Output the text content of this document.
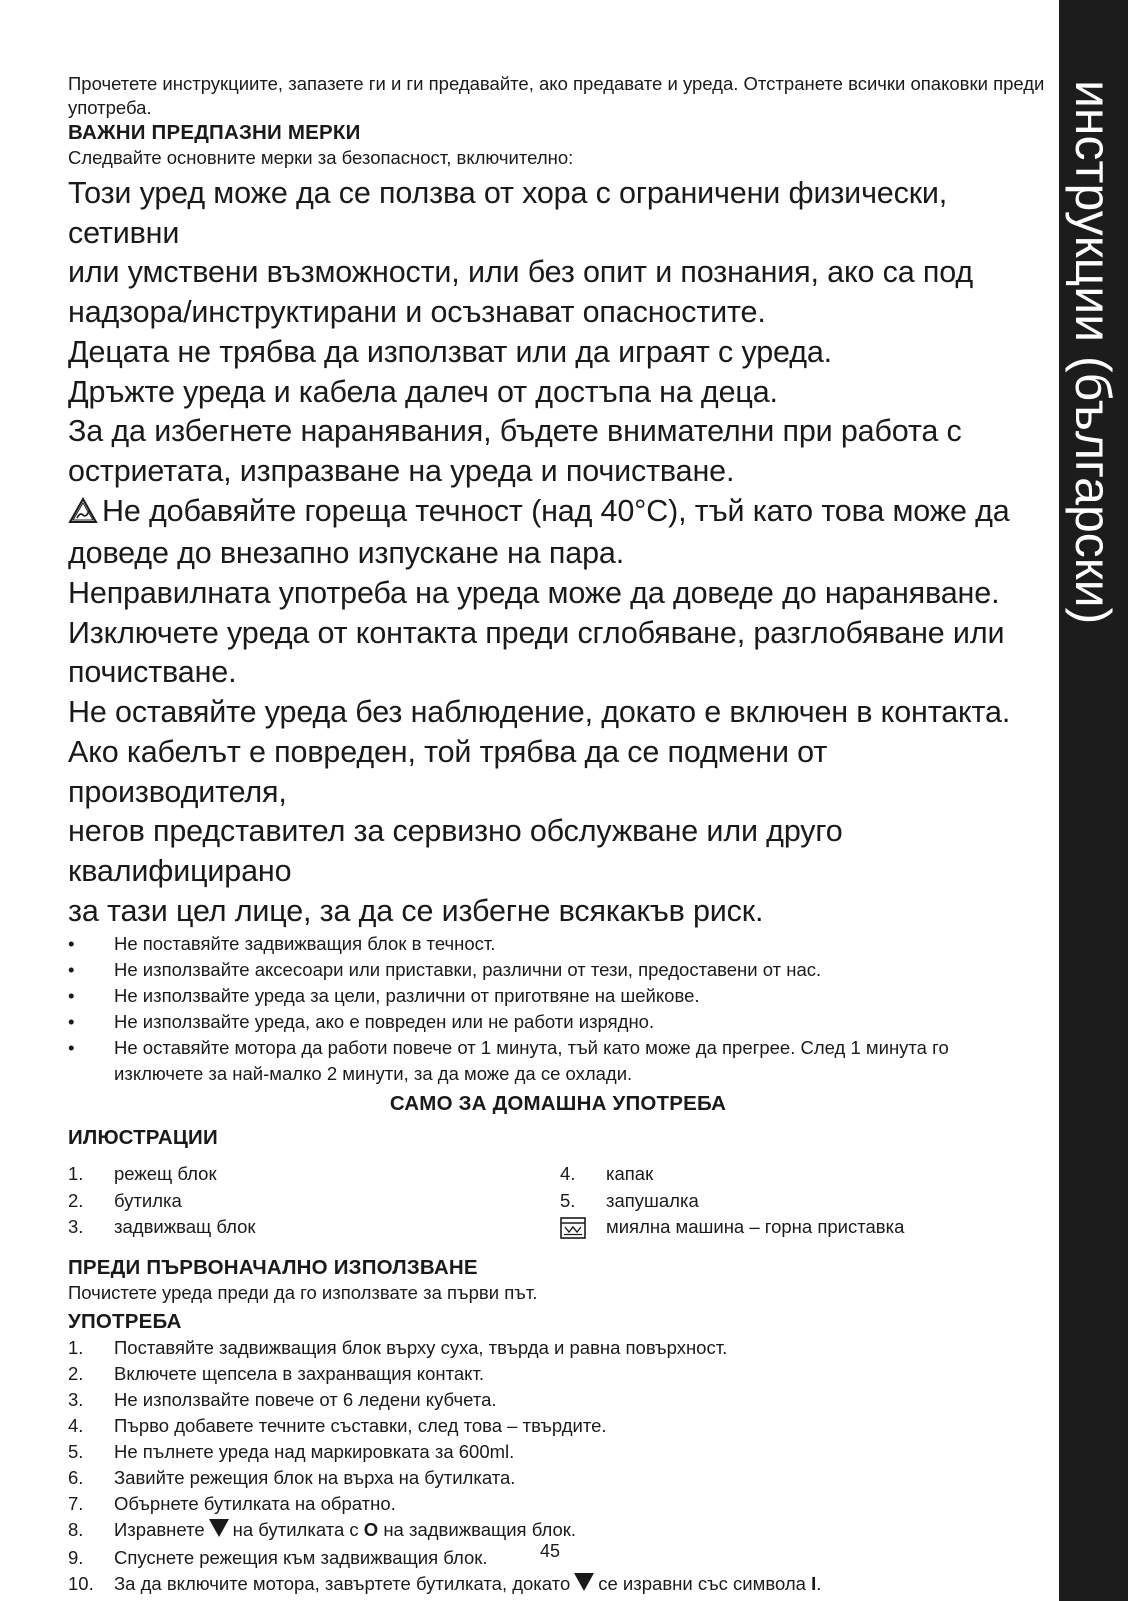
инструкции (български)

Прочетете инструкциите, запазете ги и ги предавайте, ако предавате и уреда. Отстранете всички опаковки преди употреба.

ВАЖНИ ПРЕДПАЗНИ МЕРКИ

Следвайте основните мерки за безопасност, включително:

Този уред може да се ползва от хора с ограничени физически, сетивни

или умствени възможности, или без опит и познания, ако са под

надзора/инструктирани и осъзнават опасностите.

Децата не трябва да използват или да играят с уреда.

Дръжте уреда и кабела далеч от достъпа на деца.

За да избегнете наранявания, бъдете внимателни при работа с

остриетата, изпразване на уреда и почистване.

Не добавяйте гореща течност (над 40°C), тъй като това може да

доведе до внезапно изпускане на пара.

Неправилната употреба на уреда може да доведе до нараняване.

Изключете уреда от контакта преди сглобяване, разглобяване или

почистване.

Не оставяйте уреда без наблюдение, докато е включен в контакта.

Ако кабелът е повреден, той трябва да се подмени от производителя,

негов представител за сервизно обслужване или друго квалифицирано

за тази цел лице, за да се избегне всякакъв риск.

• Не поставяйте задвижващия блок в течност.
• Не използвайте аксесоари или приставки, различни от тези, предоставени от нас.
• Не използвайте уреда за цели, различни от приготвяне на шейкове.
• Не използвайте уреда, ако е повреден или не работи изрядно.
• Не оставяйте мотора да работи повече от 1 минута, тъй като може да прегрее. След 1 минута го
изключете за най-малко 2 минути, за да може да се охлади.

САМО ЗА ДОМАШНА УПОТРЕБА

ИЛЮСТРАЦИИ

1.	режещ блок
2.	бутилка
3.	задвижващ блок
4.	капак
5.	запушалка
миялна машина – горна приставка

ПРЕДИ ПЪРВОНАЧАЛНО ИЗПОЛЗВАНЕ

Почистете уреда преди да го използвате за първи път.

УПОТРЕБА

1.	Поставяйте задвижващия блок върху суха, твърда и равна повърхност.
2.	Включете щепсела в захранващия контакт.
3.	Не използвайте повече от 6 ледени кубчета.
4.	Първо добавете течните съставки, след това – твърдите.
5.	Не пълнете уреда над маркировката за 600ml.
6.	Завийте режещия блок на върха на бутилката.
7.	Обърнете бутилката на обратно.
8.	Изравнете на бутилката с O на задвижващия блок.
9.	Спуснете режещия към задвижващия блок.
10.	За да включите мотора, завъртете бутилката, докато се изравни със символа I.
45
